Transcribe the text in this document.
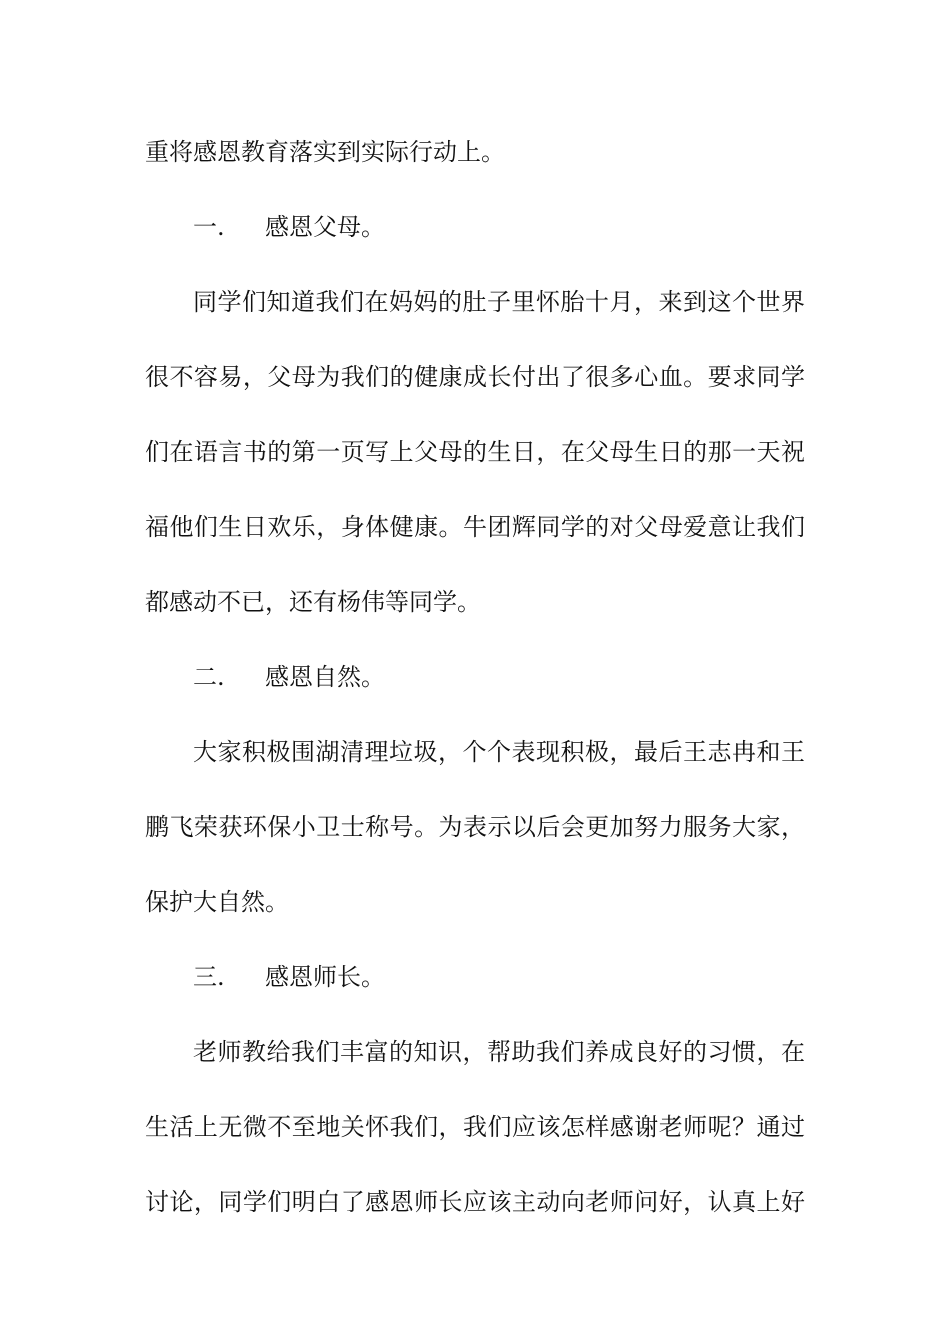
重将感恩教育落实到实际行动上。
一. 感恩父母。
同学们知道我们在妈妈的肚子里怀胎十月，来到这个世界
很不容易，父母为我们的健康成长付出了很多心血。要求同学
们在语言书的第一页写上父母的生日，在父母生日的那一天祝
福他们生日欢乐，身体健康。牛团辉同学的对父母爱意让我们
都感动不已，还有杨伟等同学。
二. 感恩自然。
大家积极围湖清理垃圾，个个表现积极，最后王志冉和王
鹏飞荣获环保小卫士称号。为表示以后会更加努力服务大家，
保护大自然。
三. 感恩师长。
老师教给我们丰富的知识，帮助我们养成良好的习惯，在
生活上无微不至地关怀我们，我们应该怎样感谢老师呢？通过
讨论，同学们明白了感恩师长应该主动向老师问好，认真上好
